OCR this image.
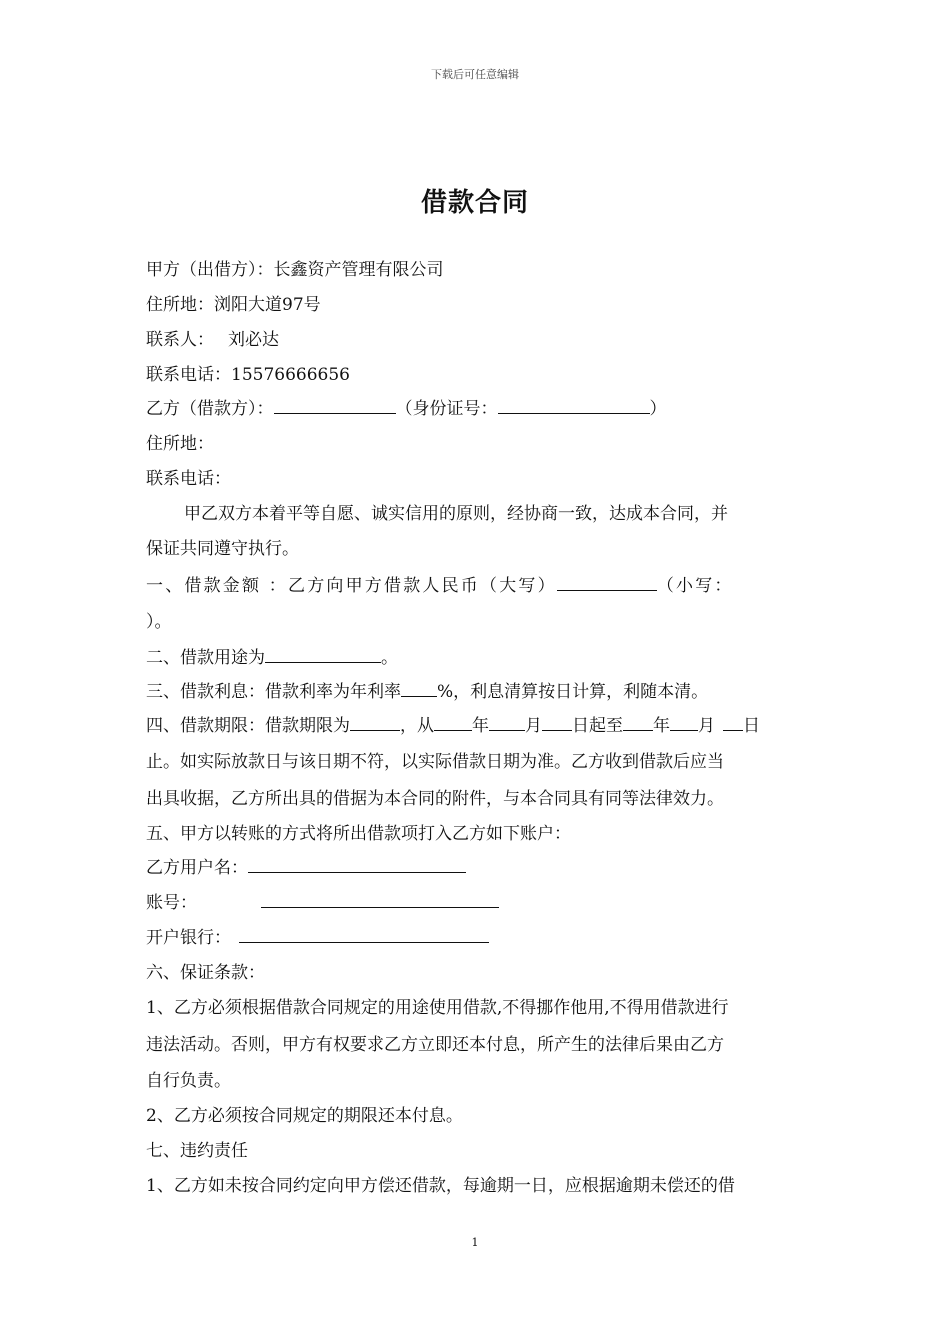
下载后可任意编辑
借款合同
甲方（出借方）：长鑫资产管理有限公司
住所地：浏阳大道97号
联系人： 刘必达
联系电话：15576666656
乙方（借款方）：	（身份证号：	）
住所地：
联系电话：
甲乙双方本着平等自愿、诚实信用的原则，经协商一致，达成本合同，并
保证共同遵守执行。
一、借款金额 ：乙方向甲方借款人民币（大写）	（小写：
）。
二、借款用途为	。
三、借款利息：借款利率为年利率 %，利息清算按日计算，利随本清。
四、借款期限：借款期限为	，从 年 月 日起至 年 月 日
止。如实际放款日与该日期不符，以实际借款日期为准。乙方收到借款后应当
出具收据，乙方所出具的借据为本合同的附件，与本合同具有同等法律效力。
五、甲方以转账的方式将所出借款项打入乙方如下账户：
乙方用户名：
账号：
开户银行：
六、保证条款：
1、乙方必须根据借款合同规定的用途使用借款,不得挪作他用,不得用借款进行
违法活动。否则，甲方有权要求乙方立即还本付息，所产生的法律后果由乙方
自行负责。
2、乙方必须按合同规定的期限还本付息。
七、违约责任
1、乙方如未按合同约定向甲方偿还借款，每逾期一日，应根据逾期未偿还的借
1
